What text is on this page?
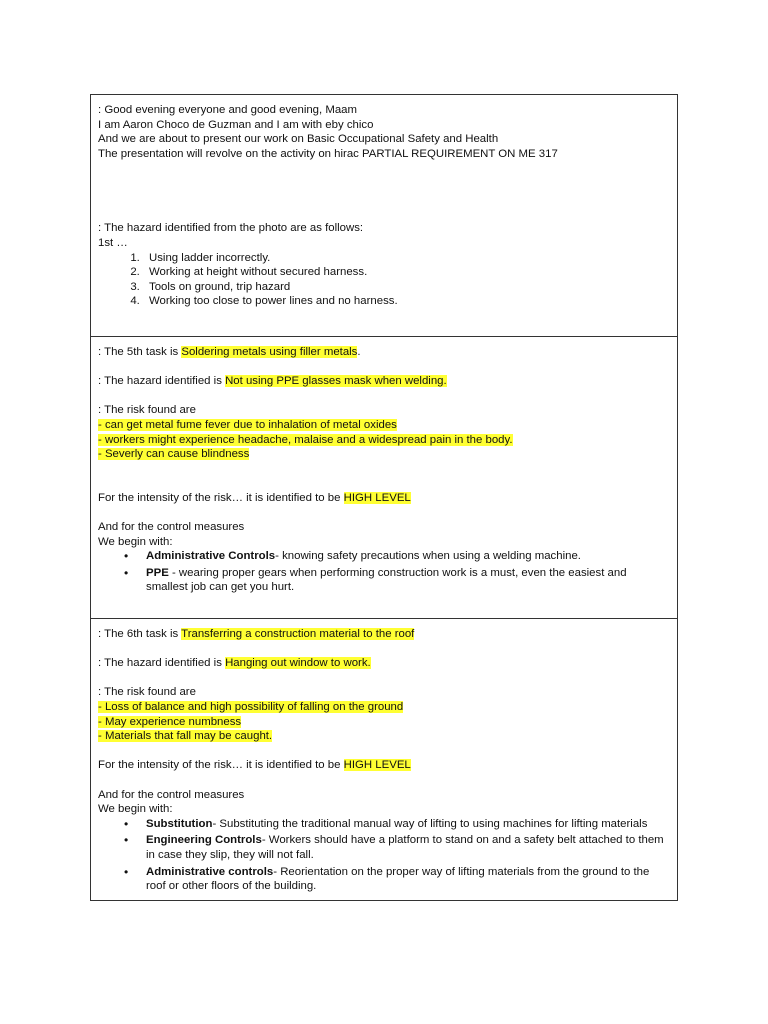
: Good evening everyone and good evening, Maam
I am Aaron Choco de Guzman and I am with eby chico
And we are about to present our work on Basic Occupational Safety and Health
The presentation will revolve on the activity on hirac PARTIAL REQUIREMENT ON ME 317
: The hazard identified from the photo are as follows:
1st …
1. Using ladder incorrectly.
2. Working at height without secured harness.
3. Tools on ground, trip hazard
4. Working too close to power lines and no harness.
: The 5th task is Soldering metals using filler metals.
: The hazard identified is Not using PPE glasses mask when welding.
: The risk found are
- can get metal fume fever due to inhalation of metal oxides
- workers might experience headache, malaise and a widespread pain in the body.
- Severly can cause blindness
For the intensity of the risk… it is identified to be HIGH LEVEL
And for the control measures
We begin with:
• Administrative Controls- knowing safety precautions when using a welding machine.
• PPE - wearing proper gears when performing construction work is a must, even the easiest and smallest job can get you hurt.
: The 6th task is Transferring a construction material to the roof
: The hazard identified is Hanging out window to work.
: The risk found are
- Loss of balance and high possibility of falling on the ground
- May experience numbness
- Materials that fall may be caught.
For the intensity of the risk… it is identified to be HIGH LEVEL
And for the control measures
We begin with:
• Substitution- Substituting the traditional manual way of lifting to using machines for lifting materials
• Engineering Controls- Workers should have a platform to stand on and a safety belt attached to them in case they slip, they will not fall.
• Administrative controls- Reorientation on the proper way of lifting materials from the ground to the roof or other floors of the building.
